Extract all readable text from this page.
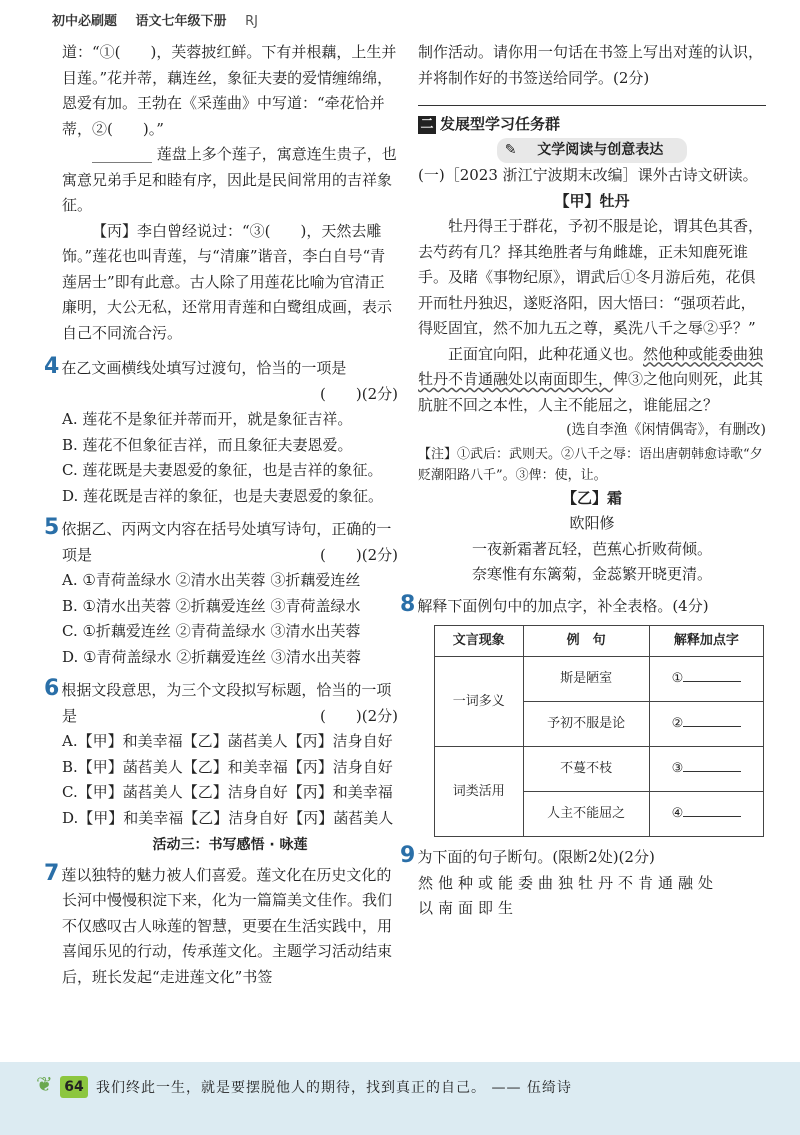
初中必刷题 语文七年级下册 RJ

道：“①(　　)，芙蓉披红鲜。下有并根藕，上生并目莲。”花并蒂，藕连丝，象征夫妻的爱情缠绵绵，恩爱有加。王勃在《采莲曲》中写道：“牵花恰并蒂，②(　　)。”

________ 莲盘上多个莲子，寓意连生贵子，也寓意兄弟手足和睦有序，因此是民间常用的吉祥象征。

【丙】李白曾经说过：“③(　　)，天然去雕饰。”莲花也叫青莲，与“清廉”谐音，李白自号“青莲居士”即有此意。古人除了用莲花比喻为官清正廉明，大公无私，还常用青莲和白鹭组成画，表示自己不同流合污。

4 在乙文画横线处填写过渡句，恰当的一项是

(　　)(2分)

A. 莲花不是象征并蒂而开，就是象征吉祥。

B. 莲花不但象征吉祥，而且象征夫妻恩爱。

C. 莲花既是夫妻恩爱的象征，也是吉祥的象征。

D. 莲花既是吉祥的象征，也是夫妻恩爱的象征。

5 依据乙、丙两文内容在括号处填写诗句，正确的一项是	(　　)(2分)

A. ①青荷盖绿水 ②清水出芙蓉 ③折藕爱连丝

B. ①清水出芙蓉 ②折藕爱连丝 ③青荷盖绿水

C. ①折藕爱连丝 ②青荷盖绿水 ③清水出芙蓉

D. ①青荷盖绿水 ②折藕爱连丝 ③清水出芙蓉

6 根据文段意思，为三个文段拟写标题，恰当的一项是	(　　)(2分)

A.【甲】和美幸福【乙】菡萏美人【丙】洁身自好

B.【甲】菡萏美人【乙】和美幸福【丙】洁身自好

C.【甲】菡萏美人【乙】洁身自好【丙】和美幸福

D.【甲】和美幸福【乙】洁身自好【丙】菡萏美人

活动三：书写感悟 · 咏莲

7 莲以独特的魅力被人们喜爱。莲文化在历史文化的长河中慢慢积淀下来，化为一篇篇美文佳作。我们不仅感叹古人咏莲的智慧，更要在生活实践中，用喜闻乐见的行动，传承莲文化。主题学习活动结束后，班长发起“走进莲文化”书签

制作活动。请你用一句话在书签上写出对莲的认识，并将制作好的书签送给同学。(2分)

二 发展型学习任务群
✎ 文学阅读与创意表达

(一)［2023 浙江宁波期末改编］课外古诗文研读。

【甲】牡丹

牡丹得王于群花，予初不服是论，谓其色其香，去芍药有几？择其绝胜者与角雌雄，正未知鹿死谁手。及睹《事物纪原》，谓武后①冬月游后苑，花俱开而牡丹独迟，遂贬洛阳，因大悟曰：“强项若此，得贬固宜，然不加九五之尊，奚洗八千之辱②乎？”

正面宜向阳，此种花通义也。然他种或能委曲独牡丹不肯通融处以南面即生，俾③之他向则死，此其肮脏不回之本性，人主不能屈之，谁能屈之？

(选自李渔《闲情偶寄》，有删改)

【注】①武后：武则天。②八千之辱：语出唐朝韩愈诗歌“夕贬潮阳路八千”。③俾：使，让。

【乙】霜

欧阳修

一夜新霜著瓦轻，芭蕉心折败荷倾。

奈寒惟有东篱菊，金蕊繁开晓更清。

8 解释下面例句中的加点字，补全表格。(4分)

文言现象	例　句	解释加点字
一词多义	斯是陋室	①
	予初不服是论	②
词类活用	不蔓不枝	③
	人主不能屈之	④

9 为下面的句子断句。(限断2处)(2分)

然他种或能委曲独牡丹不肯通融处

以南面即生

❦ 64 我们终此一生，就是要摆脱他人的期待，找到真正的自己。 —— 伍绮诗
